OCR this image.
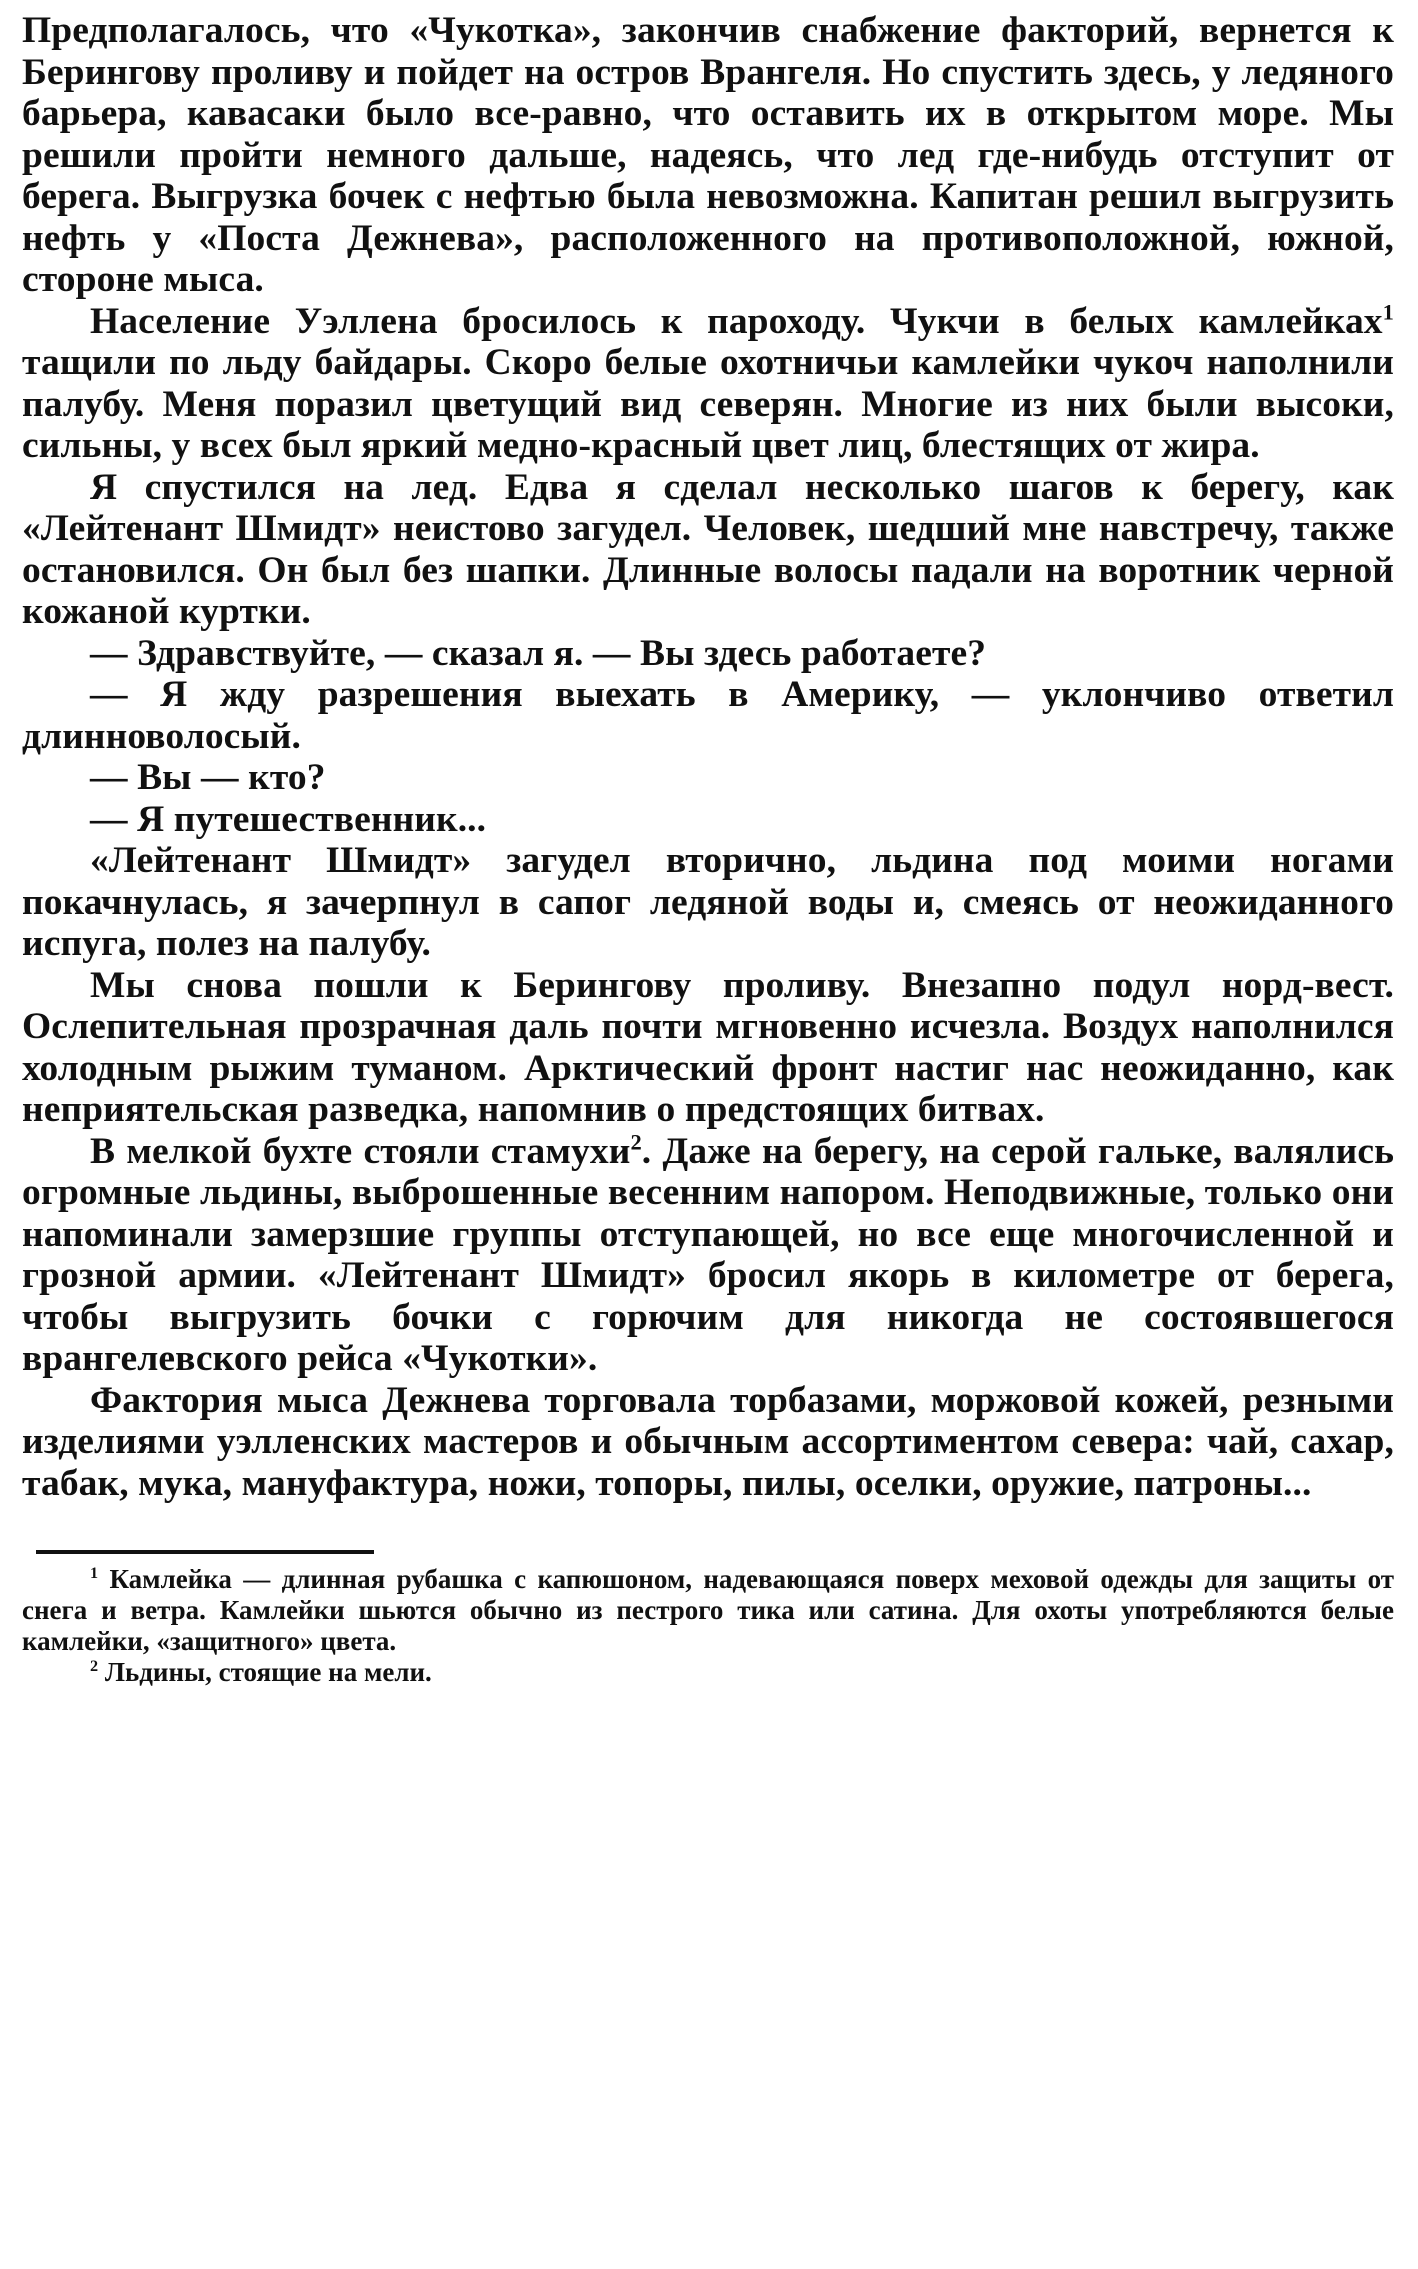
Предполагалось, что «Чукотка», закончив снабжение факторий, вернется к Берингову проливу и пойдет на остров Врангеля. Но спустить здесь, у ледяного барьера, кавасаки было все-равно, что оставить их в открытом море. Мы решили пройти немного дальше, надеясь, что лед где-нибудь отступит от берега. Выгрузка бочек с нефтью была невозможна. Капитан решил выгрузить нефть у «Поста Дежнева», расположенного на противоположной, южной, стороне мыса.

Население Уэллена бросилось к пароходу. Чукчи в белых камлейках$^1$ тащили по льду байдары. Скоро белые охотничьи камлейки чукоч наполнили палубу. Меня поразил цветущий вид северян. Многие из них были высоки, сильны, у всех был яркий медно-красный цвет лиц, блестящих от жира.

Я спустился на лед. Едва я сделал несколько шагов к берегу, как «Лейтенант Шмидт» неистово загудел. Человек, шедший мне навстречу, также остановился. Он был без шапки. Длинные волосы падали на воротник черной кожаной куртки.

— Здравствуйте, — сказал я. — Вы здесь работаете?

— Я жду разрешения выехать в Америку, — уклончиво ответил длинноволосый.

— Вы — кто?

— Я путешественник...

«Лейтенант Шмидт» загудел вторично, льдина под моими ногами покачнулась, я зачерпнул в сапог ледяной воды и, смеясь от неожиданного испуга, полез на палубу.

Мы снова пошли к Берингову проливу. Внезапно подул норд-вест. Ослепительная прозрачная даль почти мгновенно исчезла. Воздух наполнился холодным рыжим туманом. Арктический фронт настиг нас неожиданно, как неприятельская разведка, напомнив о предстоящих битвах.

В мелкой бухте стояли стамухи$^2$. Даже на берегу, на серой гальке, валялись огромные льдины, выброшенные весенним напором. Неподвижные, только они напоминали замерзшие группы отступающей, но все еще многочисленной и грозной армии. «Лейтенант Шмидт» бросил якорь в километре от берега, чтобы выгрузить бочки с горючим для никогда не состоявшегося врангелевского рейса «Чукотки».

Фактория мыса Дежнева торговала торбазами, моржовой кожей, резными изделиями уэлленских мастеров и обычным ассортиментом севера: чай, сахар, табак, мука, мануфактура, ножи, топоры, пилы, оселки, оружие, патроны...

$^1$ Камлейка — длинная рубашка с капюшоном, надевающаяся поверх меховой одежды для защиты от снега и ветра. Камлейки шьются обычно из пестрого тика или сатина. Для охоты употребляются белые камлейки, «защитного» цвета.

$^2$ Льдины, стоящие на мели.
